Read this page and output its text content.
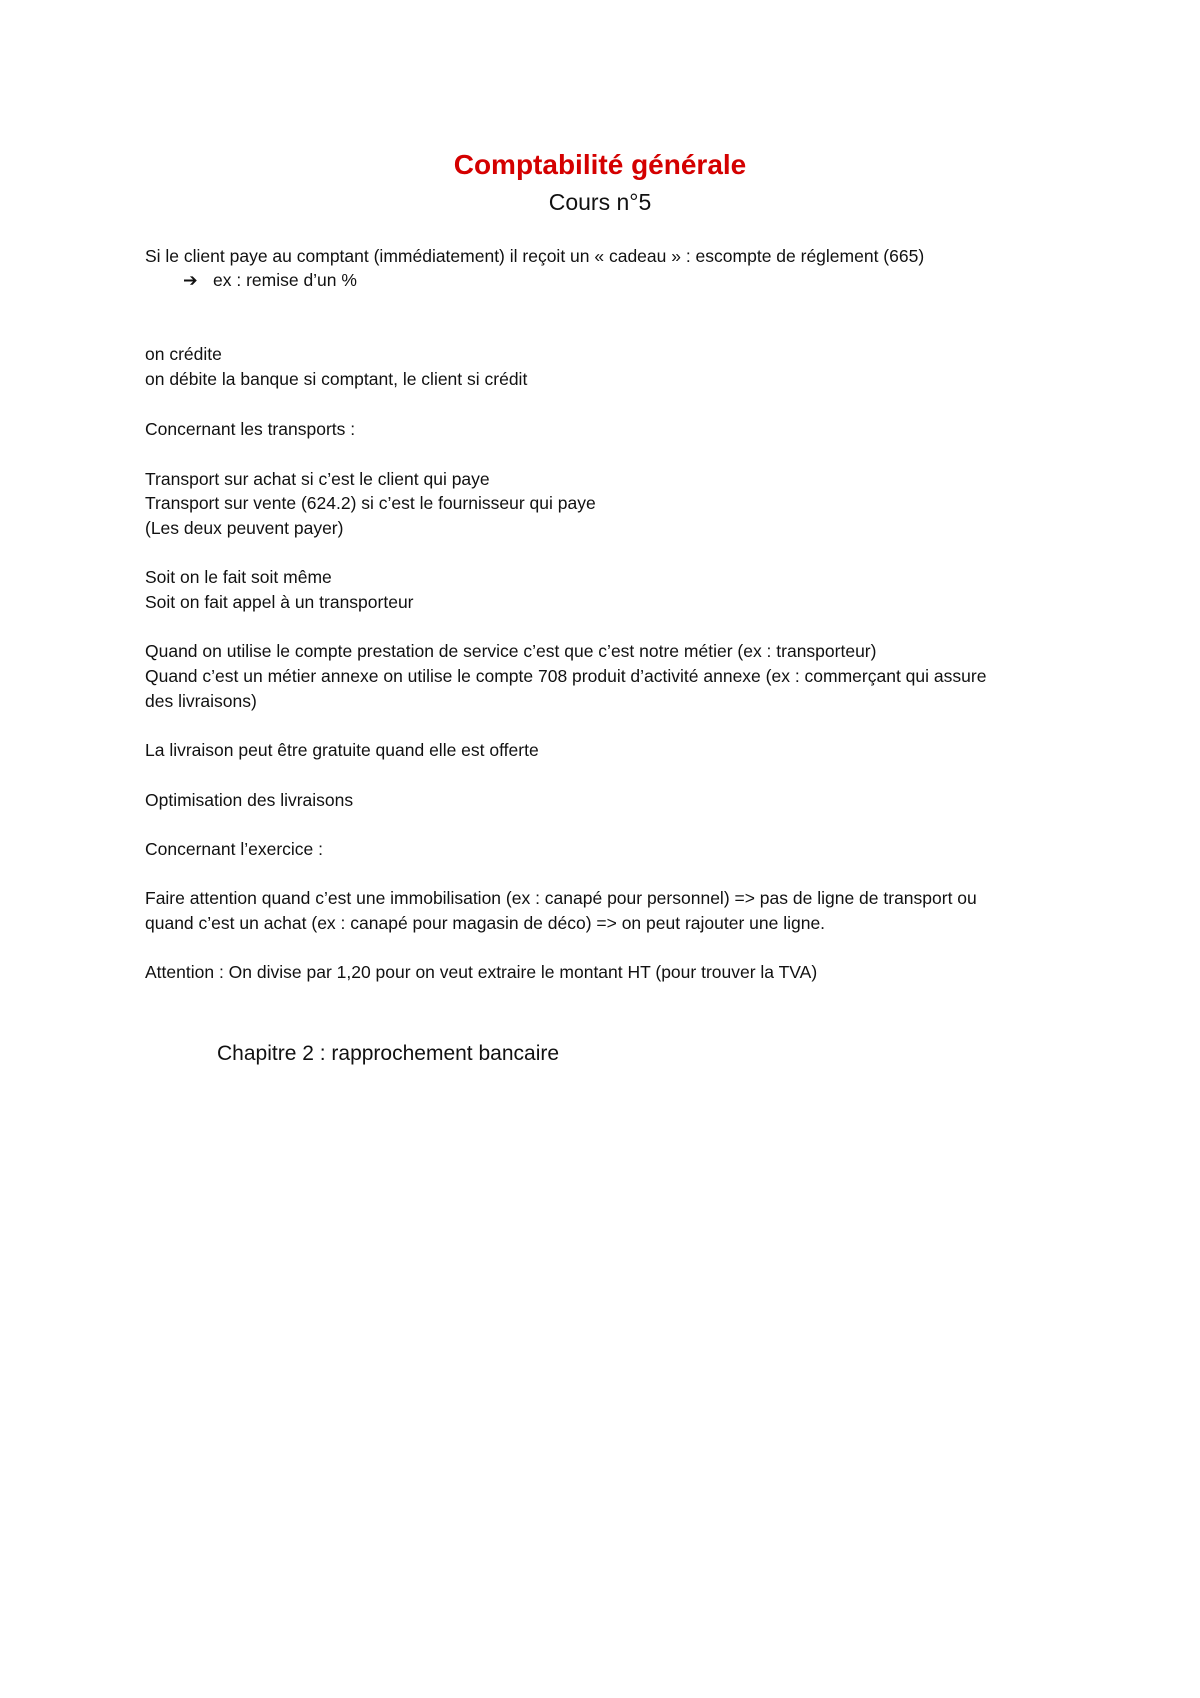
Comptabilité générale
Cours n°5
Si le client paye au comptant (immédiatement) il reçoit un « cadeau » : escompte de réglement (665)
➔ ex : remise d’un %
on crédite
on débite la banque si comptant, le client si crédit
Concernant les transports :
Transport sur achat si c’est le client qui paye
Transport sur vente (624.2) si c’est le fournisseur qui paye
(Les deux peuvent payer)
Soit on le fait soit même
Soit on fait appel à un transporteur
Quand on utilise le compte prestation de service c’est que c’est notre métier (ex : transporteur)
Quand c’est un métier annexe on utilise le compte 708 produit d’activité annexe (ex : commerçant qui assure
des livraisons)
La livraison peut être gratuite quand elle est offerte
Optimisation des livraisons
Concernant l’exercice :
Faire attention quand c’est une immobilisation (ex : canapé pour personnel) => pas de ligne de transport ou
quand c’est un achat (ex : canapé pour magasin de déco) => on peut rajouter une ligne.
Attention : On divise par 1,20 pour on veut extraire le montant HT (pour trouver la TVA)
Chapitre 2 : rapprochement bancaire
